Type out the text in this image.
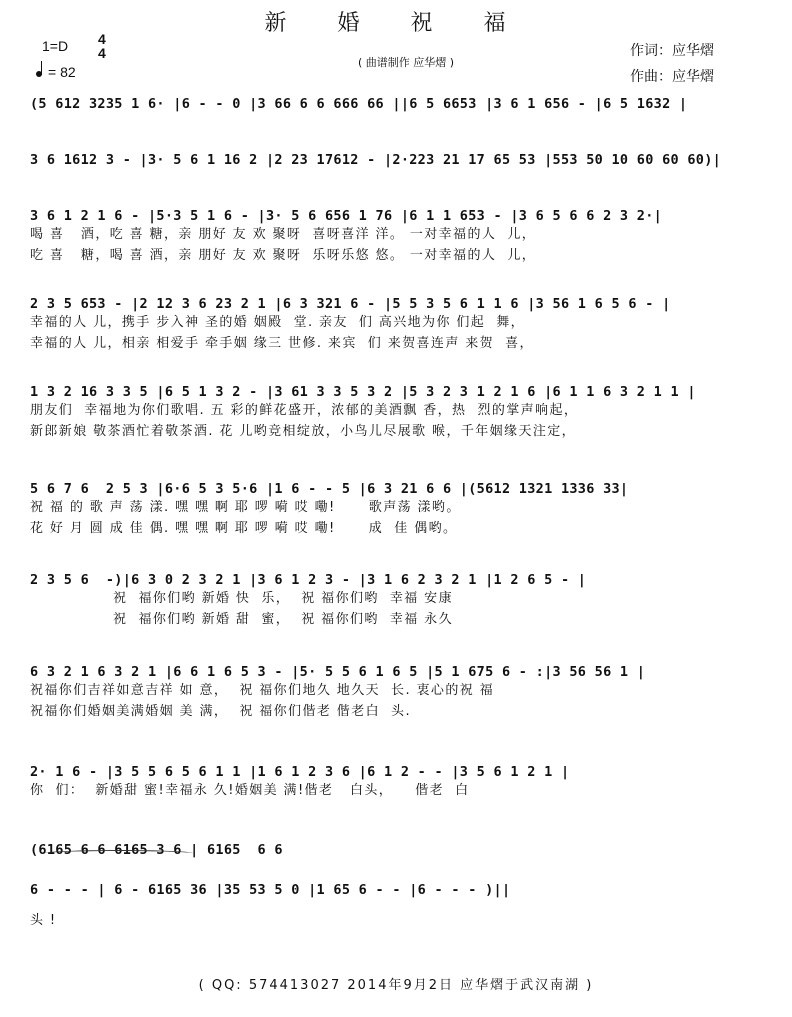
新 婚 祝 福
1=D 4
4
= 82
( 曲谱制作 应华熠 )
作词：应华熠
作曲：应华熠
(5 612 3235 1 6· |6 - - 0 |3 66 6 6 666 66 ||6 5 6653 |3 6 1 656 - |6 5 1632 |
3 6 1612 3 - |3· 5 6 1 16 2 |2 23 17612 - |2·223 21 17 65 53 |553 50 10 60 60 60)|
3 6 1 2 1 6 - |5·3 5 1 6 - |3· 5 6 656 1 76 |6 1 1 653 - |3 6 5 6 6 2 3 2·|
喝 喜   酒，吃 喜 糖，亲 朋好 友 欢 聚呀  喜呀喜洋 洋。 一对幸福的人  儿，
吃 喜   糖，喝 喜 酒，亲 朋好 友 欢 聚呀  乐呀乐悠 悠。 一对幸福的人  儿，
2 3 5 653 - |2 12 3 6 23 2 1 |6 3 321 6 - |5 5 3 5 6 1 1 6 |3 56 1 6 5 6 - |
幸福的人 儿，携手 步入神 圣的婚 姻殿  堂. 亲友  们 高兴地为你 们起  舞，
幸福的人 儿，相亲 相爱手 牵手姻 缘三 世修. 来宾  们 来贺喜连声 来贺  喜，
1 3 2 16 3 3 5 |6 5 1 3 2 - |3 61 3 3 5 3 2 |5 3 2 3 1 2 1 6 |6 1 1 6 3 2 1 1 |
朋友们  幸福地为你们歌唱. 五 彩的鲜花盛开，浓郁的美酒飘 香，热  烈的掌声响起，
新郎新娘 敬茶酒忙着敬茶酒. 花 儿哟竞相绽放，小鸟儿尽展歌 喉，千年姻缘天注定，
5 6 7 6  2 5 3 |6·6 5 3 5·6 |1 6 - - 5 |6 3 21 6 6 |(5612 1321 1336 33|
祝 福 的 歌 声 荡 漾. 嘿 嘿 啊 耶 啰 嗬 哎 嘞!      歌声荡 漾哟。
花 好 月 圆 成 佳 偶. 嘿 嘿 啊 耶 啰 嗬 哎 嘞!      成  佳 偶哟。
2 3 5 6  -)|6 3 0 2 3 2 1 |3 6 1 2 3 - |3 1 6 2 3 2 1 |1 2 6 5 - |
祝  福你们哟 新婚 快  乐，  祝 福你们哟  幸福 安康
祝  福你们哟 新婚 甜  蜜，  祝 福你们哟  幸福 永久
6 3 2 1 6 3 2 1 |6 6 1 6 5 3 - |5· 5 5 6 1 6 5 |5 1 675 6 - :|3 56 56 1 |
祝福你们吉祥如意吉祥 如 意，  祝 福你们地久 地久天  长. 衷心的祝 福
祝福你们婚姻美满婚姻 美 满，  祝 福你们偕老 偕老白  头.
2· 1 6 - |3 5 5 6 5 6 1 1 |1 6 1 2 3 6 |6 1 2 - - |3 5 6 1 2 1 |
你  们：  新婚甜 蜜!幸福永 久!婚姻美 满!偕老   白头，    偕老  白
(6165 6 6 6165 3 6 | 6165  6 6
6 - - - | 6 - 6165 36 |35 53 5 0 |1 65 6 - - |6 - - - )||
头 !
( QQ: 574413027 2014年9月2日 应华熠于武汉南湖 )
